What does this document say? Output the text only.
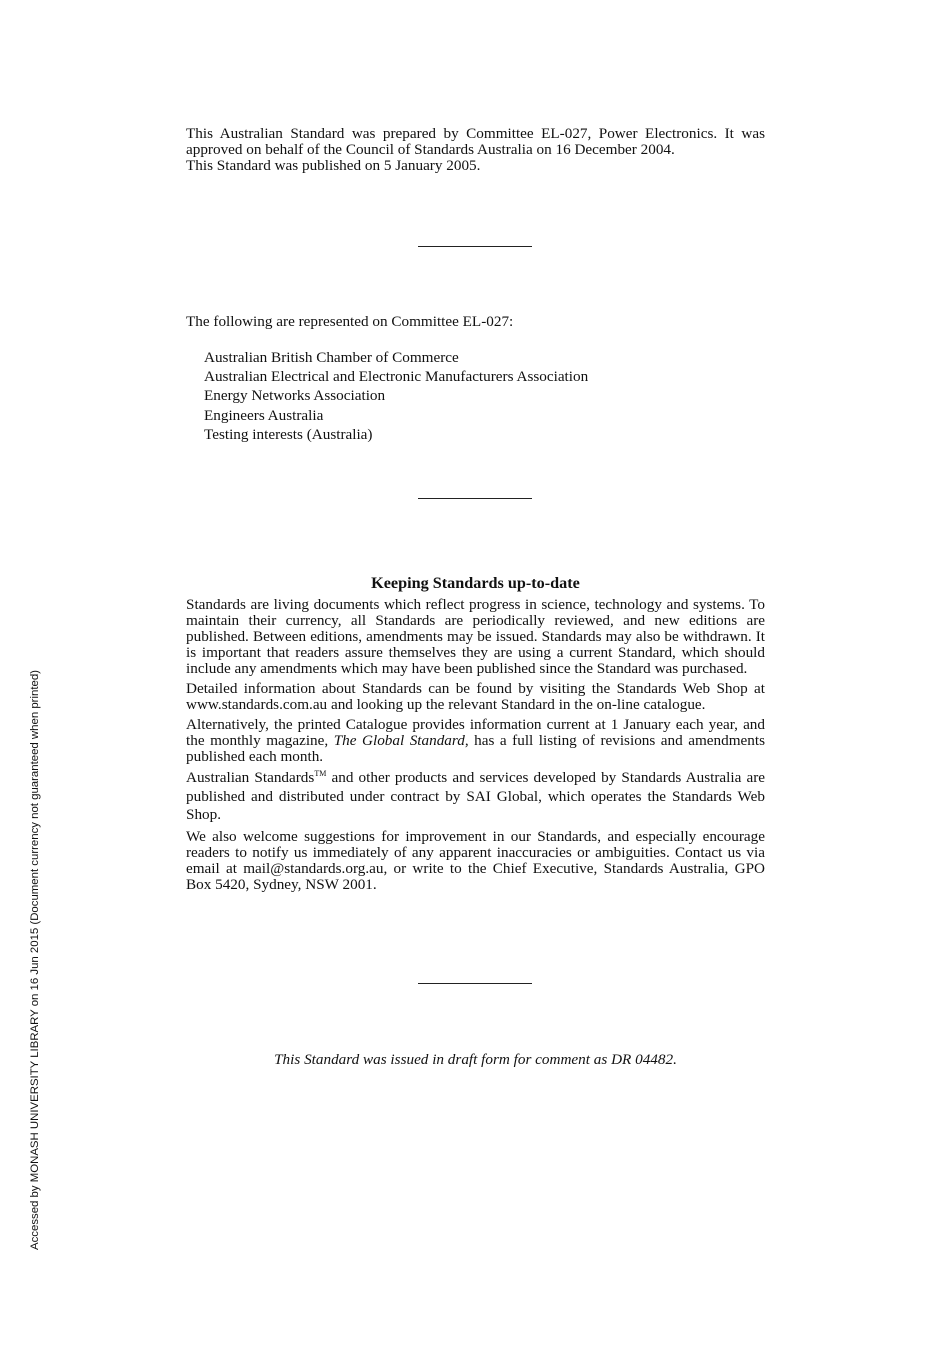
This Australian Standard was prepared by Committee EL-027, Power Electronics. It was approved on behalf of the Council of Standards Australia on 16 December 2004.

This Standard was published on 5 January 2005.

The following are represented on Committee EL-027:
Australian British Chamber of Commerce
Australian Electrical and Electronic Manufacturers Association
Energy Networks Association
Engineers Australia
Testing interests (Australia)
Keeping Standards up-to-date

Standards are living documents which reflect progress in science, technology and systems. To maintain their currency, all Standards are periodically reviewed, and new editions are published. Between editions, amendments may be issued. Standards may also be withdrawn. It is important that readers assure themselves they are using a current Standard, which should include any amendments which may have been published since the Standard was purchased.

Detailed information about Standards can be found by visiting the Standards Web Shop at www.standards.com.au and looking up the relevant Standard in the on-line catalogue.

Alternatively, the printed Catalogue provides information current at 1 January each year, and the monthly magazine, The Global Standard, has a full listing of revisions and amendments published each month.

Australian Standards™ and other products and services developed by Standards Australia are published and distributed under contract by SAI Global, which operates the Standards Web Shop.

We also welcome suggestions for improvement in our Standards, and especially encourage readers to notify us immediately of any apparent inaccuracies or ambiguities. Contact us via email at mail@standards.org.au, or write to the Chief Executive, Standards Australia, GPO Box 5420, Sydney, NSW 2001.

This Standard was issued in draft form for comment as DR 04482.

Accessed by MONASH UNIVERSITY LIBRARY on 16 Jun 2015 (Document currency not guaranteed when printed)
